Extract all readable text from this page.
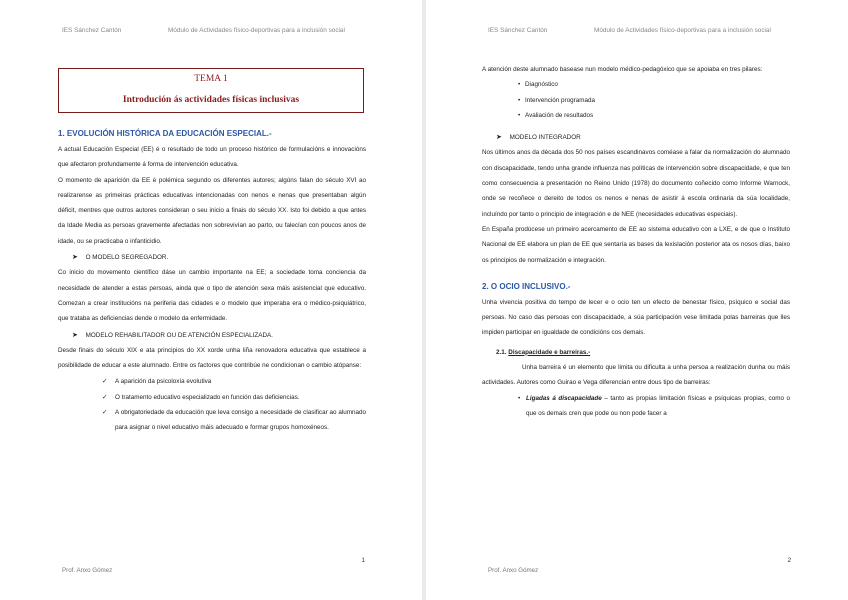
IES Sánchez Cantón	Módulo de Actividades físico-deportivas para a inclusión social
TEMA 1
Introdución ás actividades físicas inclusivas
1. EVOLUCIÓN HISTÓRICA DA EDUCACIÓN ESPECIAL.-

A actual Educación Especial (EE) é o resultado de todo un proceso histórico de formulacións e innovacións que afectaron profundamente á forma de intervención educativa.

O momento de aparición da EE é polémica segundo os diferentes autores; algúns falan do século XVI ao realizarense as primeiras prácticas educativas intencionadas con nenos e nenas que presentaban algún déficit, mentres que outros autores consideran o seu inicio a finais do século XX. Isto foi debido a que antes da Idade Media as persoas gravemente afectadas non sobrevivían ao parto, ou falecían con poucos anos de idade, ou se practicaba o infanticidio.

➤ O MODELO SEGREGADOR.

Co inicio do movemento científico dáse un cambio importante na EE; a sociedade toma conciencia da necesidade de atender a estas persoas, ainda que o tipo de atención sexa máis asistencial que educativo. Comezan a crear institucións na periferia das cidades e o modelo que imperaba era o médico-psiquiátrico, que trataba as deficiencias dende o modelo da enfermidade.

➤ MODELO REHABILITADOR OU DE ATENCIÓN ESPECIALIZADA.

Desde finais do século XIX e ata principios do XX xorde unha liña renovadora educativa que establece a posibilidade de educar a este alumnado. Entre os factores que contribúe ne condicionan o cambio atópanse:

✓ A aparición da psicoloxía evolutiva
✓ O tratamento educativo especializado en función das deficiencias.
✓ A obrigatoriedade da educación que leva consigo a necesidade de clasificar ao alumnado para asignar o nivel educativo máis adecuado e formar grupos homoxéneos.
1
Prof. Anxo Gómez
IES Sánchez Cantón	Módulo de Actividades físico-deportivas para a inclusión social

A atención deste alumnado basease nun modelo médico-pedagóxico que se apoiaba en tres pilares:

• Diagnóstico
• Intervención programada
• Avaliación de resultados
➤ MODELO INTEGRADOR

Nos últimos anos da década dos 50 nos países escandinavos coméase a falar da normalización do alumnado con discapacidade, tendo unha grande influenza nas políticas de intervención sobre discapacidade, e que ten como consecuencia a presentación no Reino Unido (1978) do documento coñecido como Informe Warnock, onde se recoñece o dereito de todos os nenos e nenas de asistir á escola ordinaria da súa localidade, incluíndo por tanto o principio de integración e de NEE (necesidades educativas especiais).

En España prodúcese un primeiro acercamento de EE ao sistema educativo con a LXE, e de que o Instituto Nacional de EE elabora un plan de EE que sentaría as bases da lexislación posterior ata os nosos días, baixo os principios de normalización e integración.

2. O OCIO INCLUSIVO.-

Unha vivencia positiva do tempo de lecer e o ocio ten un efecto de benestar físico, psíquico e social das persoas. No caso das persoas con discapacidade, a súa participación vese limitada polas barreiras que lles impiden participar en igualdade de condicións cos demais.

2.1. Discapacidade e barreiras.-

Unha barreira é un elemento que limita ou dificulta a unha persoa a realización dunha ou máis actividades. Autores como Guirao e Vega diferencian entre dous tipo de barreiras:

• Ligadas á discapacidade – tanto as propias limitación físicas e psíquicas propias, como o que os demais cren que pode ou non pode facer a

2
Prof. Anxo Gómez
